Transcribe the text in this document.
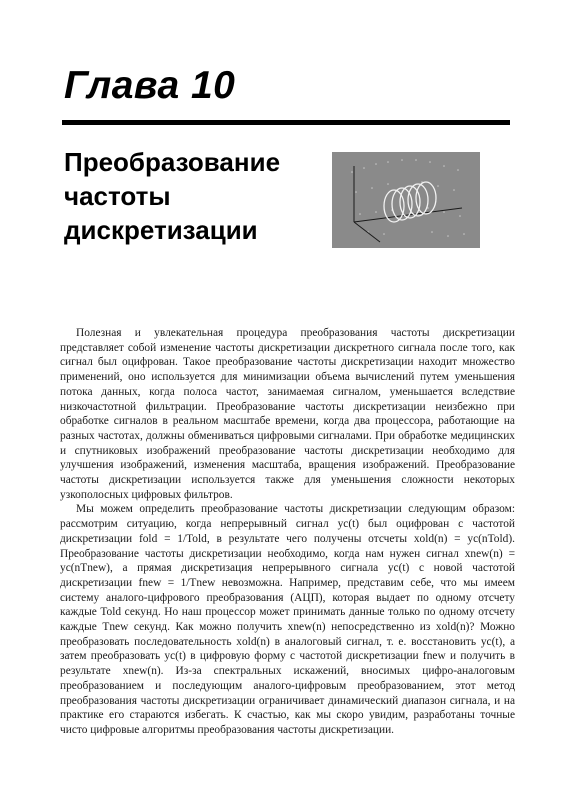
Глава 10
Преобразование
частоты
дискретизации

Полезная и увлекательная процедура преобразования частоты дискретизации представляет собой изменение частоты дискретизации дискретного сигнала после того, как сигнал был оцифрован. Такое преобразование частоты дискретизации находит множество применений, оно используется для минимизации объема вычислений путем уменьшения потока данных, когда полоса частот, занимаемая сигналом, уменьшается вследствие низкочастотной фильтрации. Преобразование частоты дискретизации неизбежно при обработке сигналов в реальном масштабе времени, когда два процессора, работающие на разных частотах, должны обмениваться цифровыми сигналами. При обработке медицинских и спутниковых изображений преобразование частоты дискретизации необходимо для улучшения изображений, изменения масштаба, вращения изображений. Преобразование частоты дискретизации используется также для уменьшения сложности некоторых узкополосных цифровых фильтров.

Мы можем определить преобразование частоты дискретизации следующим образом: рассмотрим ситуацию, когда непрерывный сигнал yc(t) был оцифрован с частотой дискретизации fold = 1/Told, в результате чего получены отсчеты xold(n) = yc(nTold). Преобразование частоты дискретизации необходимо, когда нам нужен сигнал xnew(n) = yc(nTnew), а прямая дискретизация непрерывного сигнала yc(t) с новой частотой дискретизации fnew = 1/Tnew невозможна. Например, представим себе, что мы имеем систему аналого-цифрового преобразования (АЦП), которая выдает по одному отсчету каждые Told секунд. Но наш процессор может принимать данные только по одному отсчету каждые Tnew секунд. Как можно получить xnew(n) непосредственно из xold(n)? Можно преобразовать последовательность xold(n) в аналоговый сигнал, т. е. восстановить yc(t), а затем преобразовать yc(t) в цифровую форму с частотой дискретизации fnew и получить в результате xnew(n). Из-за спектральных искажений, вносимых цифро-аналоговым преобразованием и последующим аналого-цифровым преобразованием, этот метод преобразования частоты дискретизации ограничивает динамический диапазон сигнала, и на практике его стараются избегать. К счастью, как мы скоро увидим, разработаны точные чисто цифровые алгоритмы преобразования частоты дискретизации.
